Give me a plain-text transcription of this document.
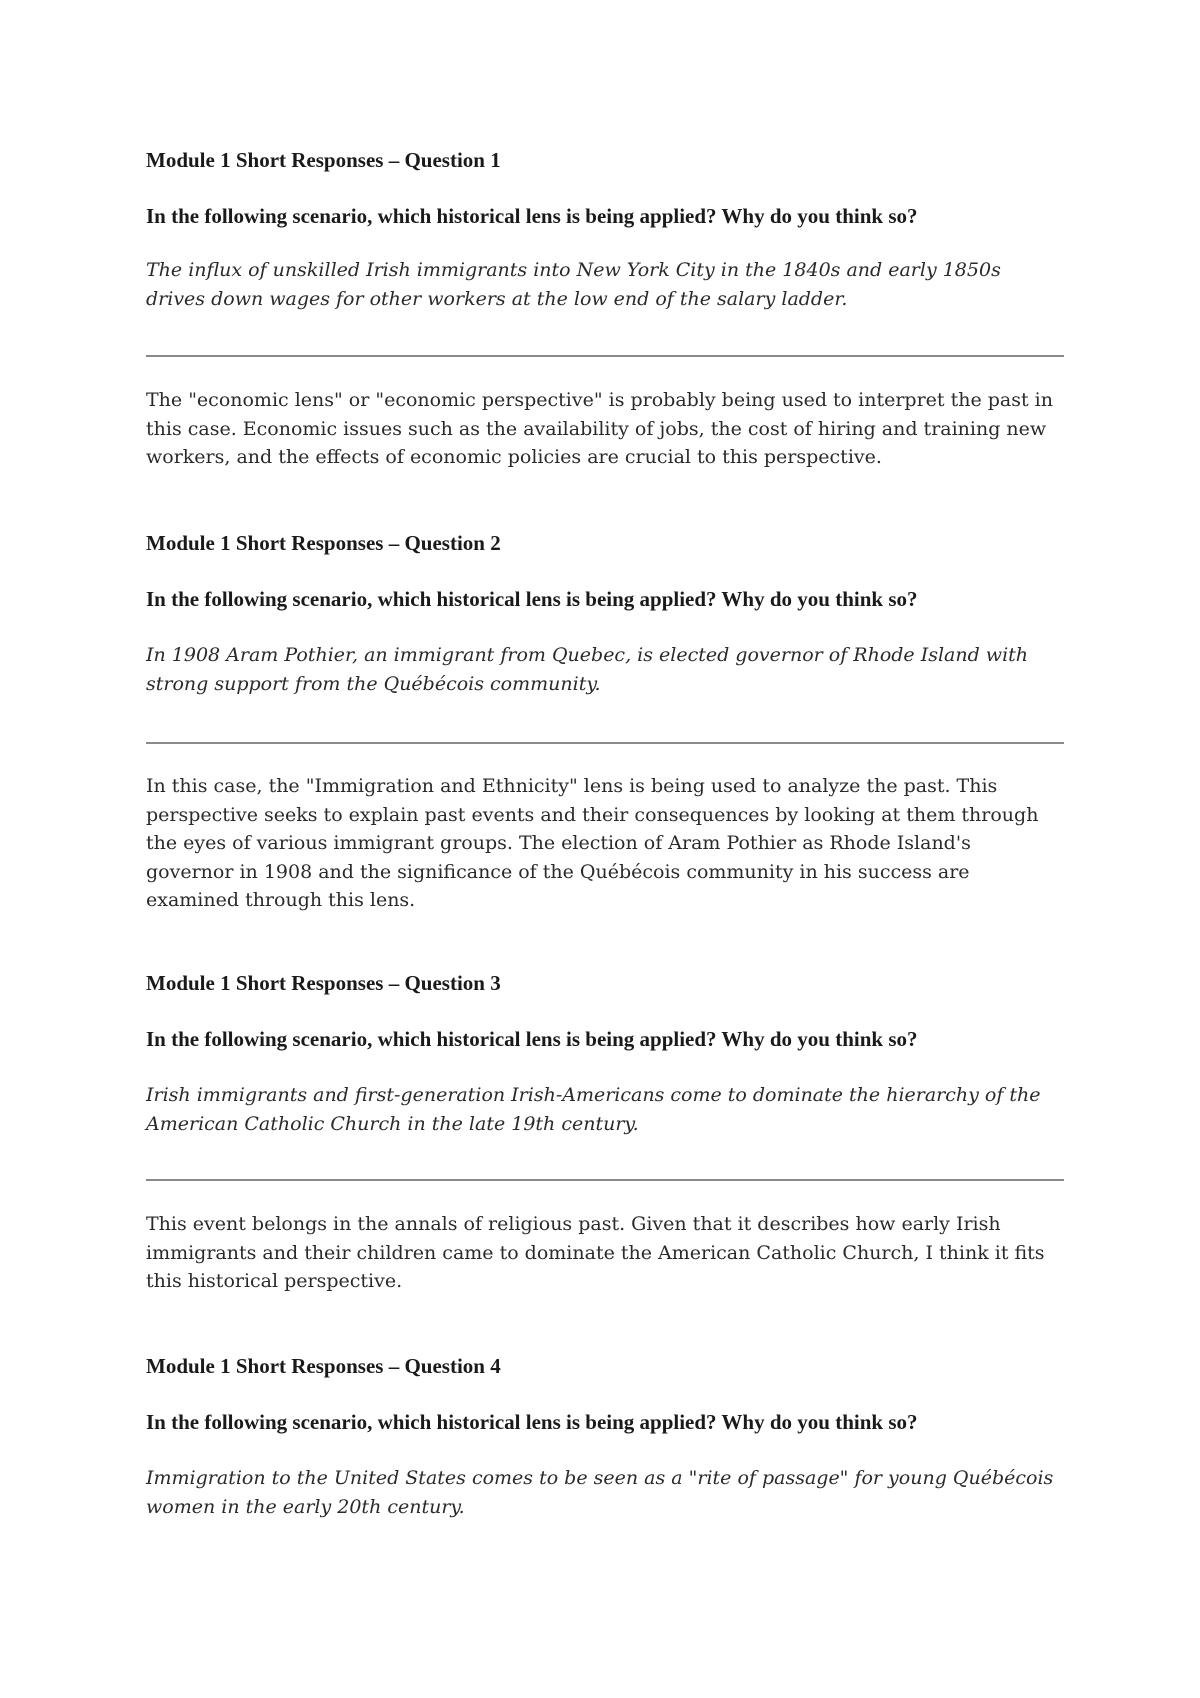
Module 1 Short Responses – Question 1

In the following scenario, which historical lens is being applied? Why do you think so?

The influx of unskilled Irish immigrants into New York City in the 1840s and early 1850s drives down wages for other workers at the low end of the salary ladder.

The "economic lens" or "economic perspective" is probably being used to interpret the past in this case. Economic issues such as the availability of jobs, the cost of hiring and training new workers, and the effects of economic policies are crucial to this perspective.

Module 1 Short Responses – Question 2

In the following scenario, which historical lens is being applied? Why do you think so?

In 1908 Aram Pothier, an immigrant from Quebec, is elected governor of Rhode Island with strong support from the Québécois community.

In this case, the "Immigration and Ethnicity" lens is being used to analyze the past. This perspective seeks to explain past events and their consequences by looking at them through the eyes of various immigrant groups. The election of Aram Pothier as Rhode Island's governor in 1908 and the significance of the Québécois community in his success are examined through this lens.

Module 1 Short Responses – Question 3

In the following scenario, which historical lens is being applied? Why do you think so?

Irish immigrants and first-generation Irish-Americans come to dominate the hierarchy of the American Catholic Church in the late 19th century.

This event belongs in the annals of religious past. Given that it describes how early Irish immigrants and their children came to dominate the American Catholic Church, I think it fits this historical perspective.

Module 1 Short Responses – Question 4

In the following scenario, which historical lens is being applied? Why do you think so?

Immigration to the United States comes to be seen as a "rite of passage" for young Québécois women in the early 20th century.
